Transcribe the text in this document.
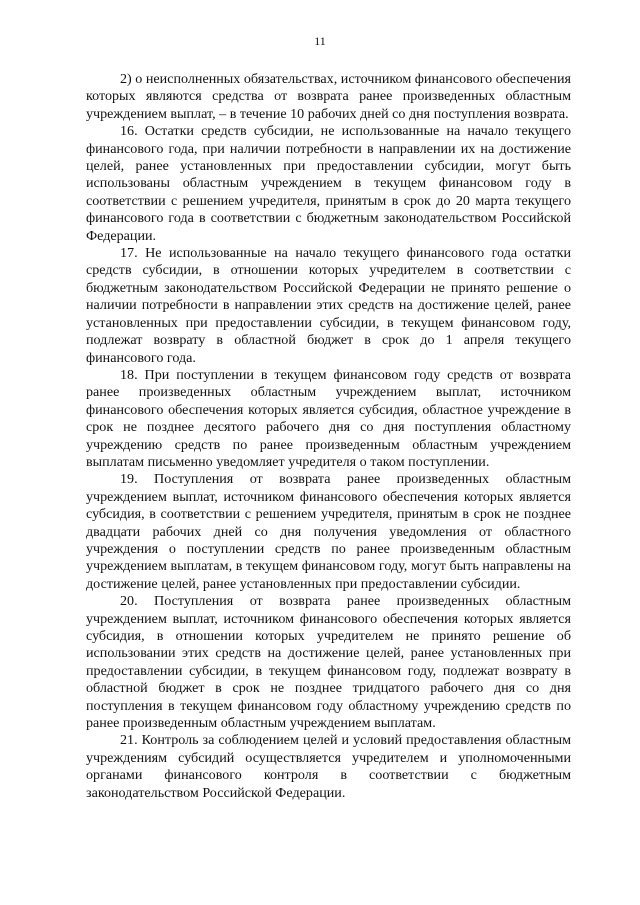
11

2) о неисполненных обязательствах, источником финансового обеспечения которых являются средства от возврата ранее произведенных областным учреждением выплат, – в течение 10 рабочих дней со дня поступления возврата.

16. Остатки средств субсидии, не использованные на начало текущего финансового года, при наличии потребности в направлении их на достижение целей, ранее установленных при предоставлении субсидии, могут быть использованы областным учреждением в текущем финансовом году в соответствии с решением учредителя, принятым в срок до 20 марта текущего финансового года в соответствии с бюджетным законодательством Российской Федерации.

17. Не использованные на начало текущего финансового года остатки средств субсидии, в отношении которых учредителем в соответствии с бюджетным законодательством Российской Федерации не принято решение о наличии потребности в направлении этих средств на достижение целей, ранее установленных при предоставлении субсидии, в текущем финансовом году, подлежат возврату в областной бюджет в срок до 1 апреля текущего финансового года.

18. При поступлении в текущем финансовом году средств от возврата ранее произведенных областным учреждением выплат, источником финансового обеспечения которых является субсидия, областное учреждение в срок не позднее десятого рабочего дня со дня поступления областному учреждению средств по ранее произведенным областным учреждением выплатам письменно уведомляет учредителя о таком поступлении.

19. Поступления от возврата ранее произведенных областным учреждением выплат, источником финансового обеспечения которых является субсидия, в соответствии с решением учредителя, принятым в срок не позднее двадцати рабочих дней со дня получения уведомления от областного учреждения о поступлении средств по ранее произведенным областным учреждением выплатам, в текущем финансовом году, могут быть направлены на достижение целей, ранее установленных при предоставлении субсидии.

20. Поступления от возврата ранее произведенных областным учреждением выплат, источником финансового обеспечения которых является субсидия, в отношении которых учредителем не принято решение об использовании этих средств на достижение целей, ранее установленных при предоставлении субсидии, в текущем финансовом году, подлежат возврату в областной бюджет в срок не позднее тридцатого рабочего дня со дня поступления в текущем финансовом году областному учреждению средств по ранее произведенным областным учреждением выплатам.

21. Контроль за соблюдением целей и условий предоставления областным учреждениям субсидий осуществляется учредителем и уполномоченными органами финансового контроля в соответствии с бюджетным законодательством Российской Федерации.
